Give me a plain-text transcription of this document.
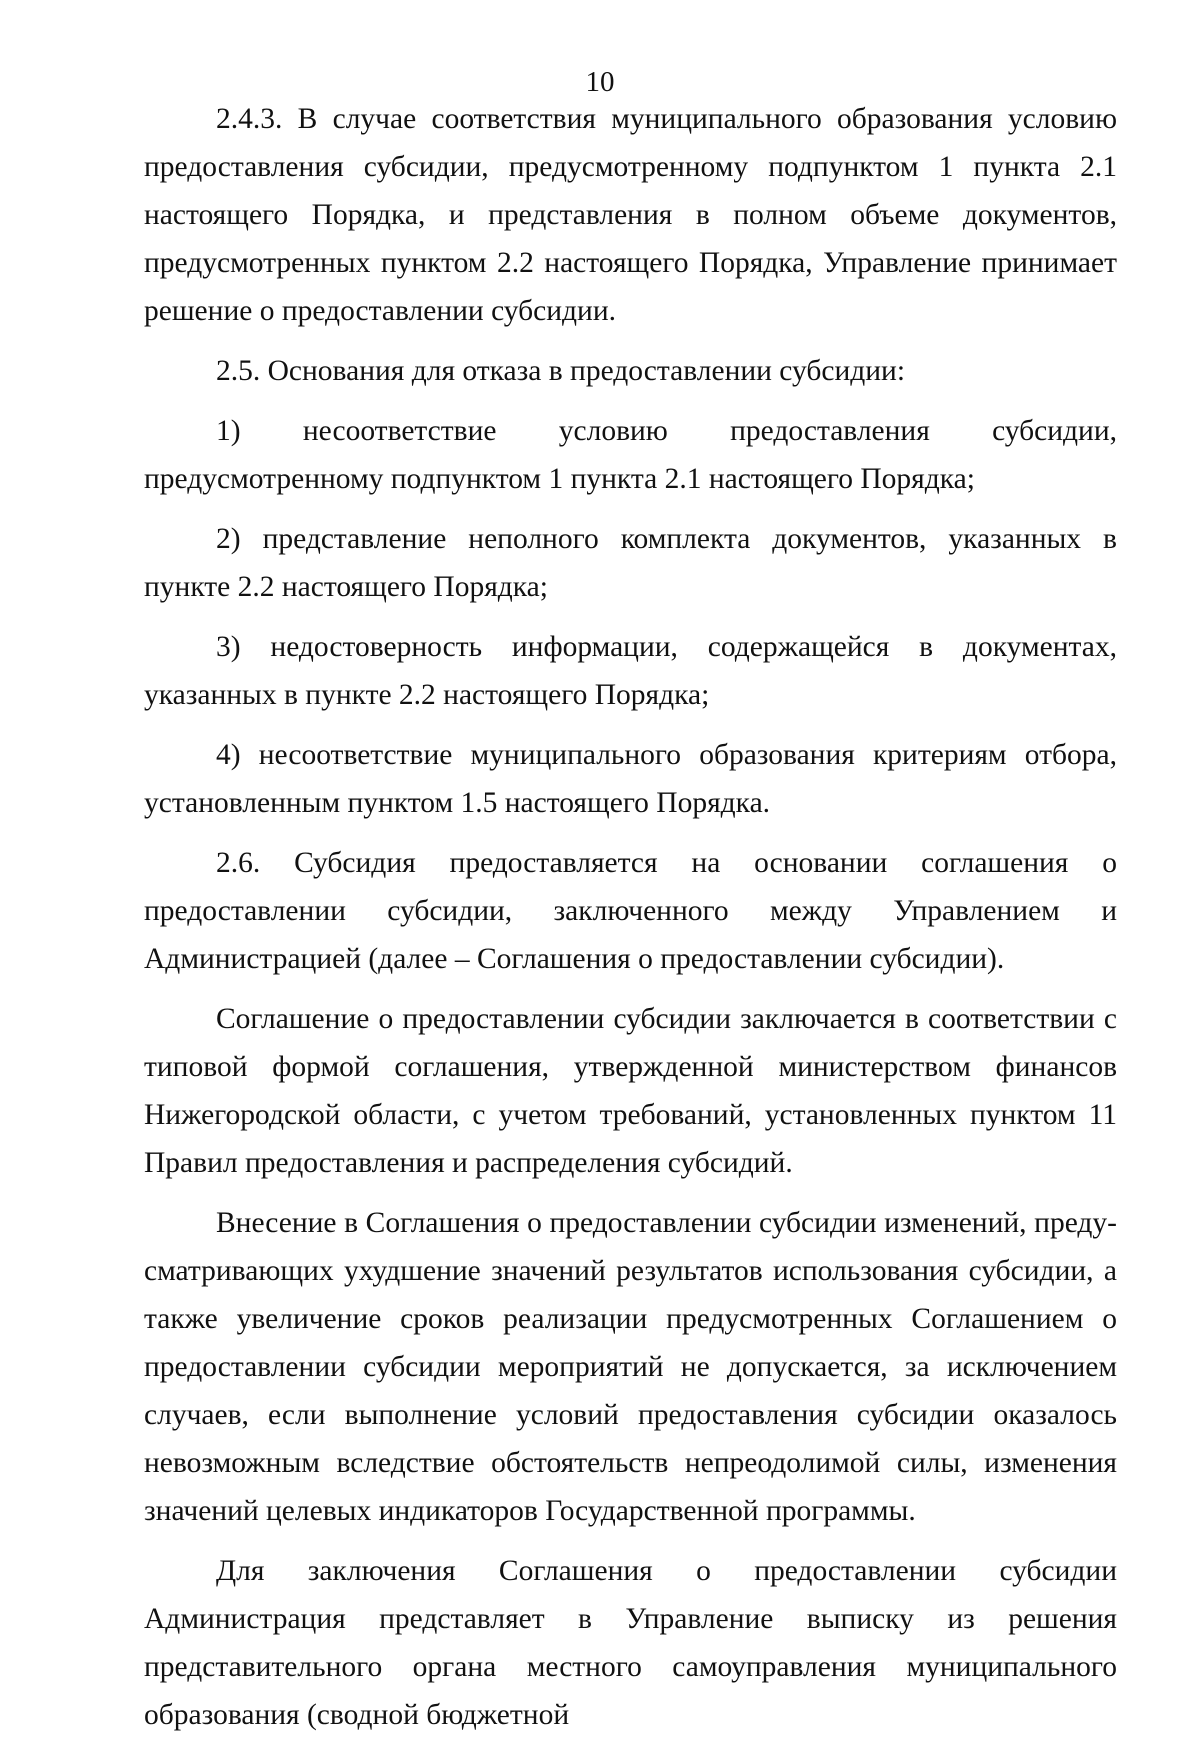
10

2.4.3. В случае соответствия муниципального образования условию предоставления субсидии, предусмотренному подпунктом 1 пункта 2.1 настоящего Порядка, и представления в полном объеме документов, предусмотренных пунктом 2.2 настоящего Порядка, Управление принимает решение о предоставлении субсидии.

2.5. Основания для отказа в предоставлении субсидии:

1) несоответствие условию предоставления субсидии, предусмотренному подпунктом 1 пункта 2.1 настоящего Порядка;

2) представление неполного комплекта документов, указанных в пункте 2.2 настоящего Порядка;

3) недостоверность информации, содержащейся в документах, указанных в пункте 2.2 настоящего Порядка;

4) несоответствие муниципального образования критериям отбора, установленным пунктом 1.5 настоящего Порядка.

2.6. Субсидия предоставляется на основании соглашения о предоставлении субсидии, заключенного между Управлением и Администрацией (далее – Соглашения о предоставлении субсидии).

Соглашение о предоставлении субсидии заключается в соответствии с типовой формой соглашения, утвержденной министерством финансов Нижегородской области, с учетом требований, установленных пунктом 11 Правил предоставления и распределения субсидий.

Внесение в Соглашения о предоставлении субсидии изменений, предусматривающих ухудшение значений результатов использования субсидии, а также увеличение сроков реализации предусмотренных Соглашением о предоставлении субсидии мероприятий не допускается, за исключением случаев, если выполнение условий предоставления субсидии оказалось невозможным вследствие обстоятельств непреодолимой силы, изменения значений целевых индикаторов Государственной программы.

Для заключения Соглашения о предоставлении субсидии Администрация представляет в Управление выписку из решения представительного органа местного самоуправления муниципального образования (сводной бюджетной
